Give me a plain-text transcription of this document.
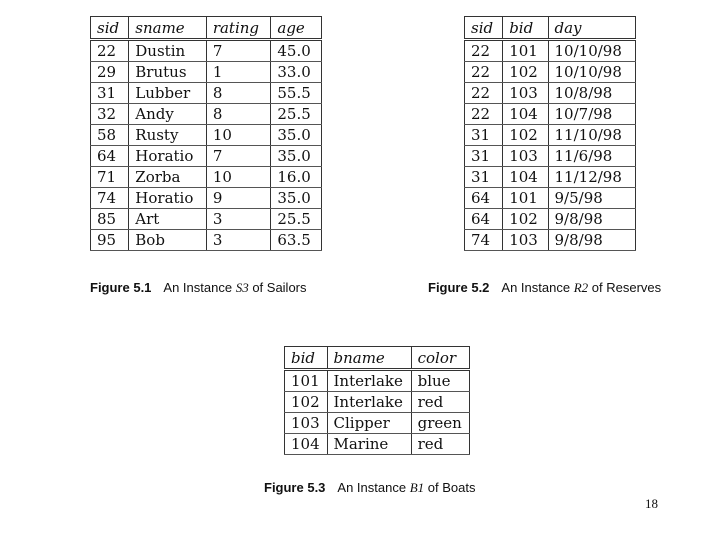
sid	sname	rating	age
22	Dustin	7	45.0
29	Brutus	1	33.0
31	Lubber	8	55.5
32	Andy	8	25.5
58	Rusty	10	35.0
64	Horatio	7	35.0
71	Zorba	10	16.0
74	Horatio	9	35.0
85	Art	3	25.5
95	Bob	3	63.5
Figure 5.1 An Instance S3 of Sailors
sid	bid	day
22	101	10/10/98
22	102	10/10/98
22	103	10/8/98
22	104	10/7/98
31	102	11/10/98
31	103	11/6/98
31	104	11/12/98
64	101	9/5/98
64	102	9/8/98
74	103	9/8/98
Figure 5.2 An Instance R2 of Reserves
bid	bname	color
101	Interlake	blue
102	Interlake	red
103	Clipper	green
104	Marine	red
Figure 5.3 An Instance B1 of Boats
18
